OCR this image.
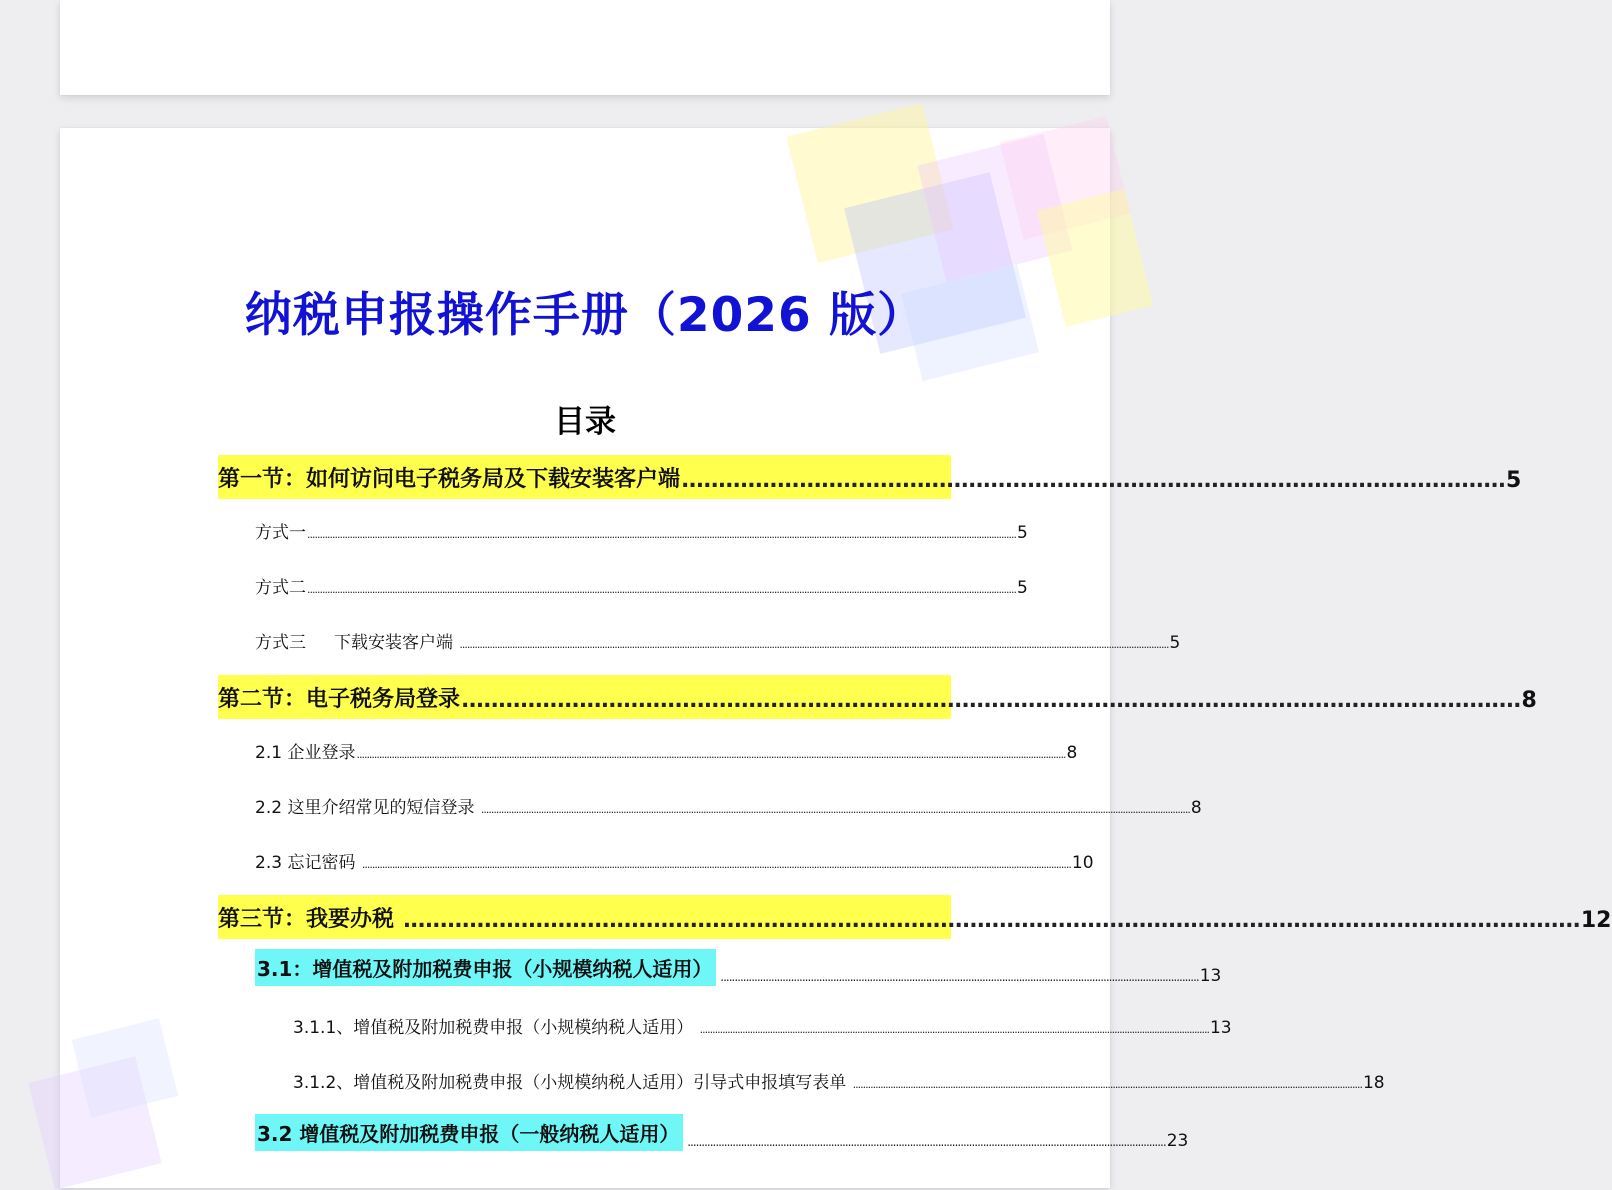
纳税申报操作手册（2026 版）
目录
第一节：如何访问电子税务局及下载安装客户端 ................................................................................................................ 5
方式一 ............................................................................................................................................................................................................................................................................................ 5
方式二 ............................................................................................................................................................................................................................................................................................ 5
方式三 下载安装客户端 ............................................................................................................................................................................................................................................................................................ 5
第二节：电子税务局登录 ................................................................................................................................................ 8
2.1 企业登录 ............................................................................................................................................................................................................................................................................................ 8
2.2 这里介绍常见的短信登录 ............................................................................................................................................................................................................................................................................................ 8
2.3 忘记密码 ............................................................................................................................................................................................................................................................................................ 10
第三节：我要办税 ................................................................................................................................................................ 12
3.1：增值税及附加税费申报（小规模纳税人适用） .......................................................................................................................................................................... 13
3.1.1、增值税及附加税费申报（小规模纳税人适用） ............................................................................................................................................................................................................ 13
3.1.2、增值税及附加税费申报（小规模纳税人适用）引导式申报填写表单 ............................................................................................................................................................................................................ 18
3.2 增值税及附加税费申报（一般纳税人适用） .......................................................................................................................................................................... 23
